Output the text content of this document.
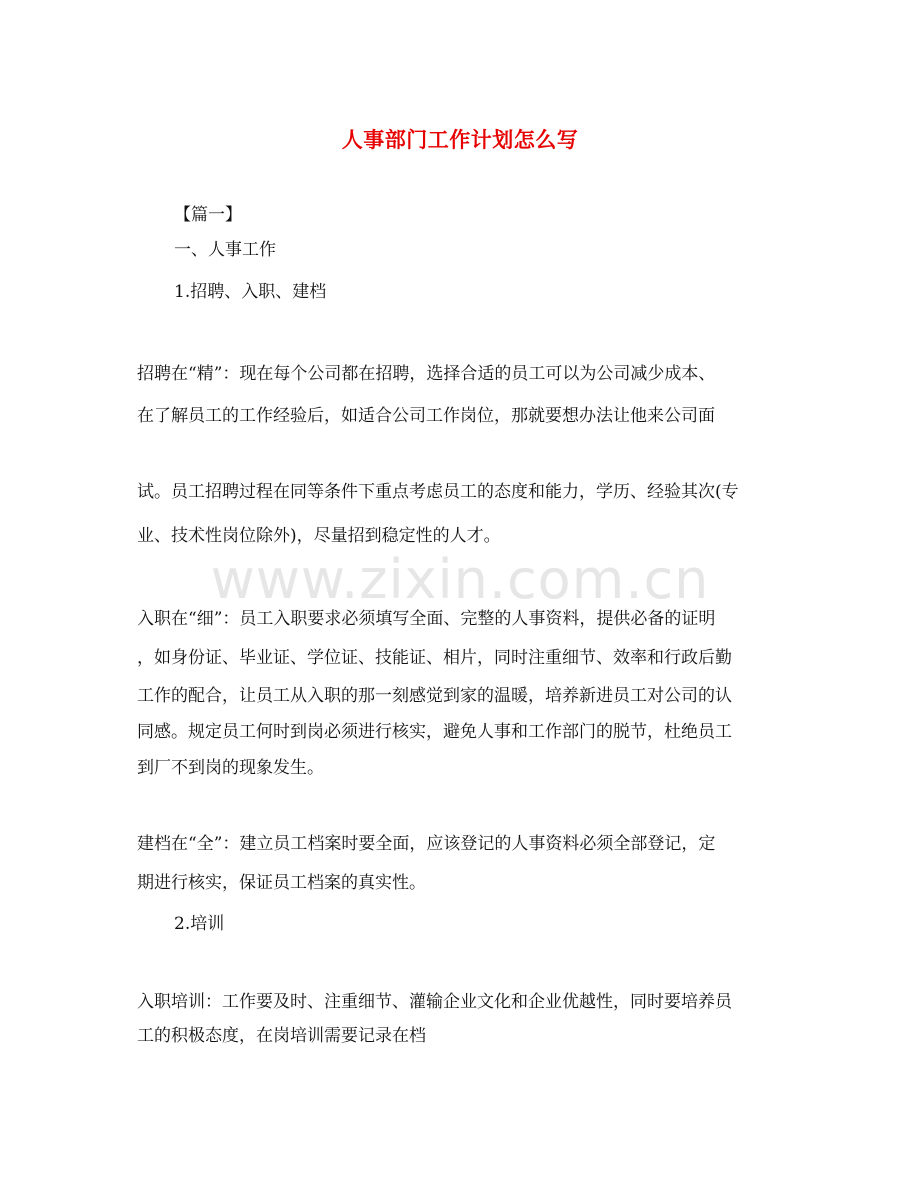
www.zixin.com.cn
人事部门工作计划怎么写
【篇一】
一、人事工作
1.招聘、入职、建档
招聘在“精”：现在每个公司都在招聘，选择合适的员工可以为公司减少成本、
在了解员工的工作经验后，如适合公司工作岗位，那就要想办法让他来公司面
试。员工招聘过程在同等条件下重点考虑员工的态度和能力，学历、经验其次(专
业、技术性岗位除外)，尽量招到稳定性的人才。
入职在“细”：员工入职要求必须填写全面、完整的人事资料，提供必备的证明
，如身份证、毕业证、学位证、技能证、相片，同时注重细节、效率和行政后勤
工作的配合，让员工从入职的那一刻感觉到家的温暖，培养新进员工对公司的认
同感。规定员工何时到岗必须进行核实，避免人事和工作部门的脱节，杜绝员工
到厂不到岗的现象发生。
建档在“全”：建立员工档案时要全面，应该登记的人事资料必须全部登记，定
期进行核实，保证员工档案的真实性。
2.培训
入职培训：工作要及时、注重细节、灌输企业文化和企业优越性，同时要培养员
工的积极态度，在岗培训需要记录在档
